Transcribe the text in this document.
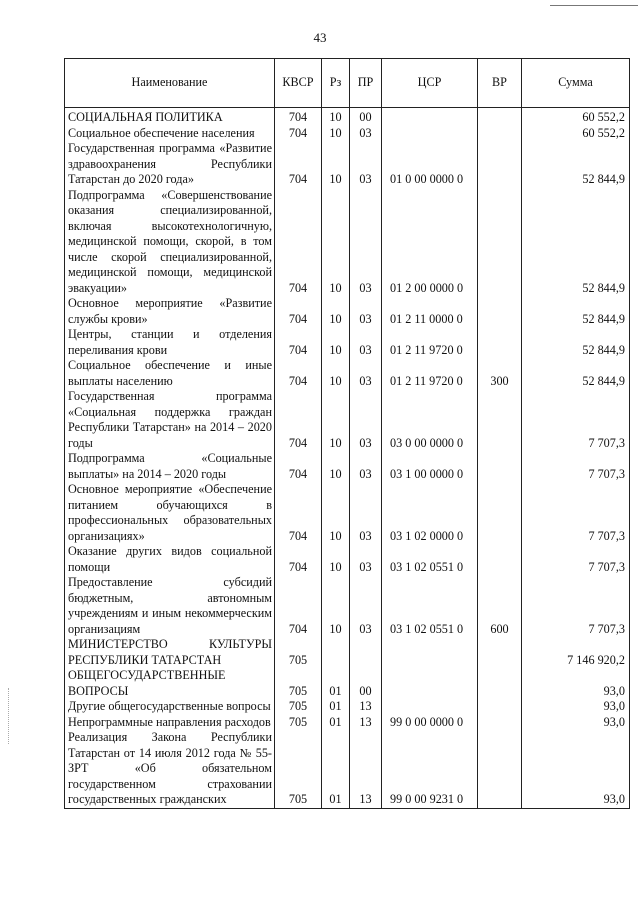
43
Наименование	КВСР	Рз	ПР	ЦСР	ВР	Сумма
СОЦИАЛЬНАЯ ПОЛИТИКА	704	10	00			60 552,2
Социальное обеспечение населения	704	10	03			60 552,2
Государственная программа «Развитие здравоохранения Республики Татарстан до 2020 года»	704	10	03	01 0 00 0000 0		52 844,9
Подпрограмма «Совершенствование оказания специализированной, включая высокотехнологичную, медицинской помощи, скорой, в том числе скорой специализированной, медицинской помощи, медицинской эвакуации»	704	10	03	01 2 00 0000 0		52 844,9
Основное мероприятие «Развитие службы крови»	704	10	03	01 2 11 0000 0		52 844,9
Центры, станции и отделения переливания крови	704	10	03	01 2 11 9720 0		52 844,9
Социальное обеспечение и иные выплаты населению	704	10	03	01 2 11 9720 0	300	52 844,9
Государственная программа «Социальная поддержка граждан Республики Татарстан» на 2014 – 2020 годы	704	10	03	03 0 00 0000 0		7 707,3
Подпрограмма «Социальные выплаты» на 2014 – 2020 годы	704	10	03	03 1 00 0000 0		7 707,3
Основное мероприятие «Обеспечение питанием обучающихся в профессиональных образовательных организациях»	704	10	03	03 1 02 0000 0		7 707,3
Оказание других видов социальной помощи	704	10	03	03 1 02 0551 0		7 707,3
Предоставление субсидий бюджетным, автономным учреждениям и иным некоммерческим организациям	704	10	03	03 1 02 0551 0	600	7 707,3
МИНИСТЕРСТВО КУЛЬТУРЫ РЕСПУБЛИКИ ТАТАРСТАН	705					7 146 920,2
ОБЩЕГОСУДАРСТВЕННЫЕ ВОПРОСЫ	705	01	00			93,0
Другие общегосударственные вопросы	705	01	13			93,0
Непрограммные направления расходов	705	01	13	99 0 00 0000 0		93,0
Реализация Закона Республики Татарстан от 14 июля 2012 года № 55-ЗРТ «Об обязательном государственном страховании государственных гражданских	705	01	13	99 0 00 9231 0		93,0
